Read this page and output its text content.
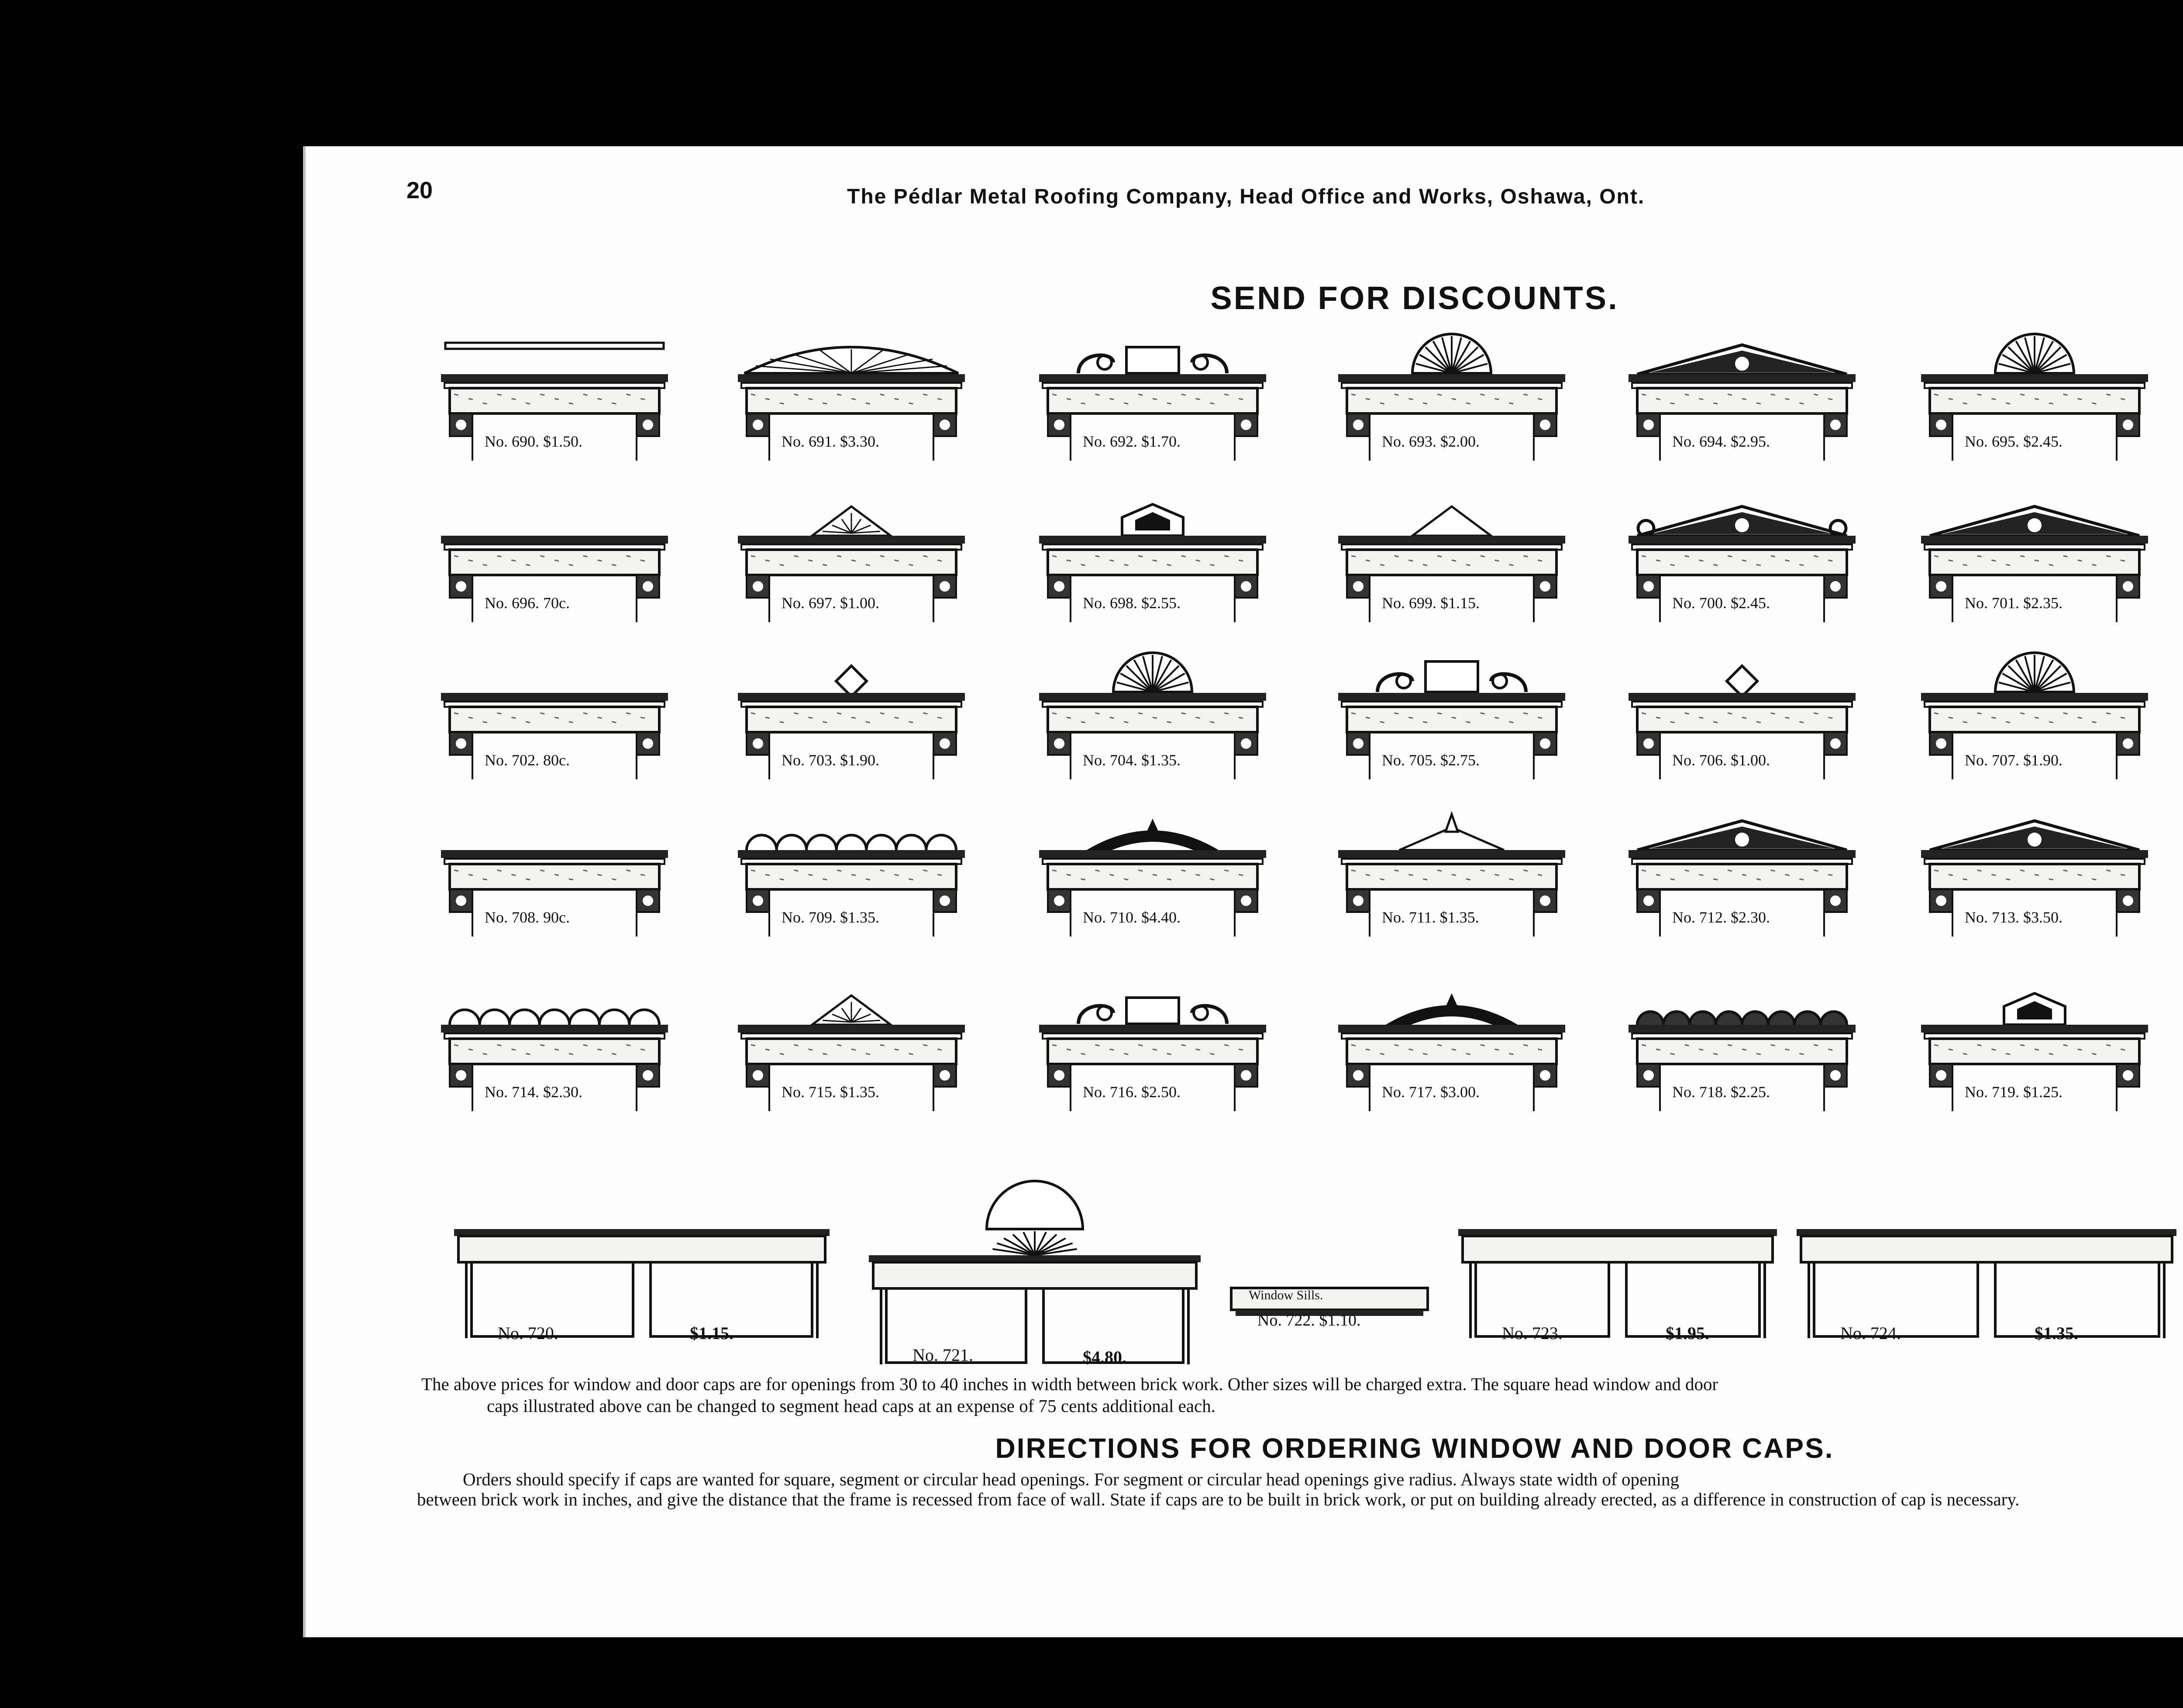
20	The Pédlar Metal Roofing Company, Head Office and Works, Oshawa, Ont.
SEND FOR DISCOUNTS.
No. 690. $1.50.	No. 691. $3.30.	No. 692. $1.70.	No. 693. $2.00.	No. 694. $2.95.	No. 695. $2.45.
No. 696. 70c.	No. 697. $1.00.	No. 698. $2.55.	No. 699. $1.15.	No. 700. $2.45.	No. 701. $2.35.
No. 702. 80c.	No. 703. $1.90.	No. 704. $1.35.	No. 705. $2.75.	No. 706. $1.00.	No. 707. $1.90.
No. 708. 90c.	No. 709. $1.35.	No. 710. $4.40.	No. 711. $1.35.	No. 712. $2.30.	No. 713. $3.50.
No. 714. $2.30.	No. 715. $1.35.	No. 716. $2.50.	No. 717. $3.00.	No. 718. $2.25.	No. 719. $1.25.
No. 720.	$1.15.
No. 721.	$4.80.
Window Sills.
No. 722. $1.10.
No. 723.	$1.95.	No. 724.	$1.35.
The above prices for window and door caps are for openings from 30 to 40 inches in width between brick work. Other sizes will be charged extra. The square head window and door
caps illustrated above can be changed to segment head caps at an expense of 75 cents additional each.
DIRECTIONS FOR ORDERING WINDOW AND DOOR CAPS.
Orders should specify if caps are wanted for square, segment or circular head openings. For segment or circular head openings give radius. Always state width of opening
between brick work in inches, and give the distance that the frame is recessed from face of wall. State if caps are to be built in brick work, or put on building already erected, as a difference in construction of cap is necessary.
